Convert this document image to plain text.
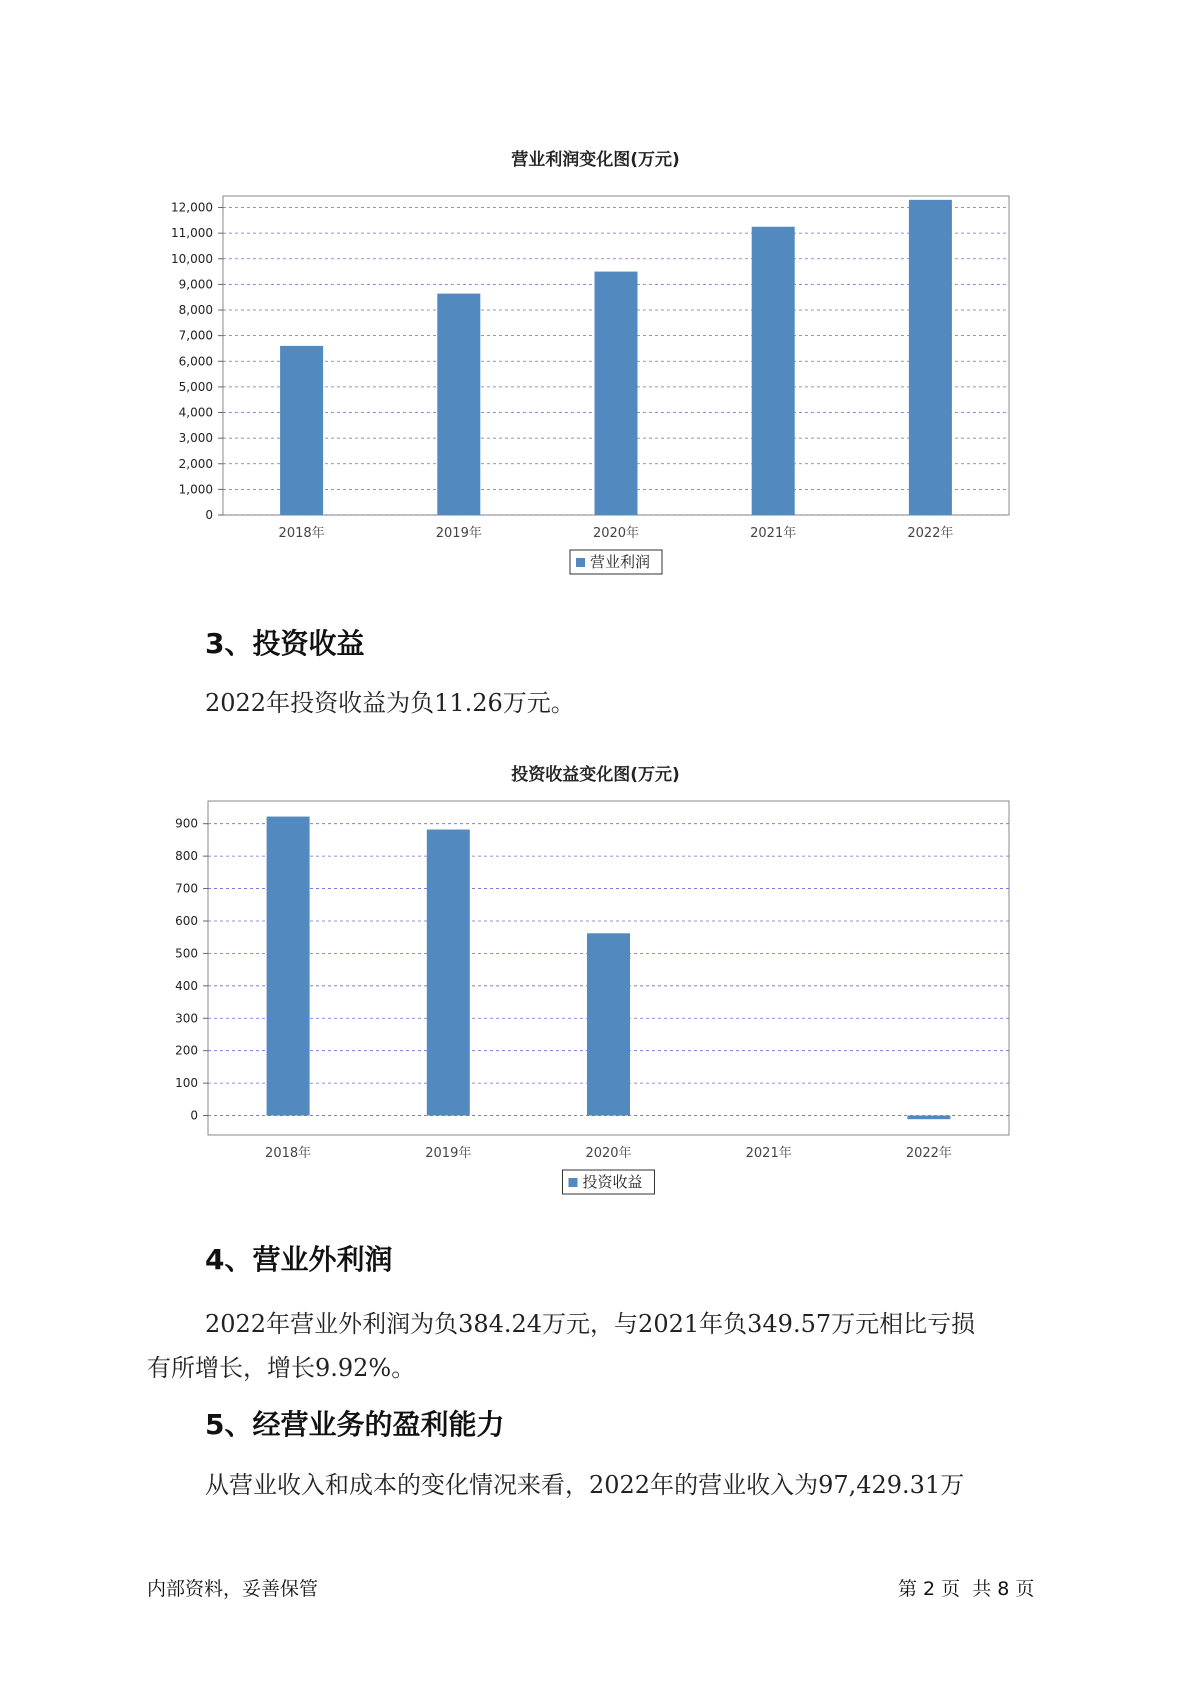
营业利润变化图(万元)
0
1,000
2,000
3,000
4,000
5,000
6,000
7,000
8,000
9,000
10,000
11,000
12,000
2018年	2019年	2020年	2021年	2022年
营业利润
3、投资收益
2022年投资收益为负11.26万元。
投资收益变化图(万元)
0
100
200
300
400
500
600
700
800
900
2018年	2019年	2020年	2021年	2022年
投资收益
4、营业外利润
2022年营业外利润为负384.24万元，与2021年负349.57万元相比亏损
有所增长，增长9.92%。
5、经营业务的盈利能力
从营业收入和成本的变化情况来看，2022年的营业收入为97,429.31万
内部资料，妥善保管	第 2 页  共 8 页
